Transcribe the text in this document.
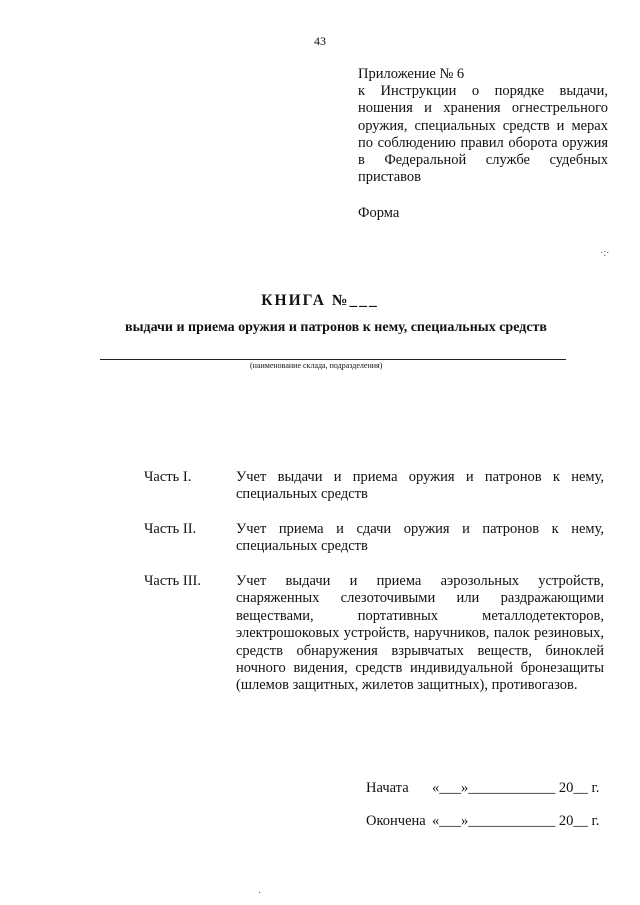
43
Приложение № 6
к Инструкции о порядке выдачи, ношения и хранения огнестрельного оружия, специальных средств и мерах по соблюдению правил оборота оружия в Федеральной службе судебных приставов
Форма
·:·
КНИГА №___
выдачи и приема оружия и патронов к нему, специальных средств
(наименование склада, подразделения)
Часть I.	Учет выдачи и приема оружия и патронов к нему, специальных средств
Часть II.	Учет приема и сдачи оружия и патронов к нему, специальных средств
Часть III.	Учет выдачи и приема аэрозольных устройств, снаряженных слезоточивыми или раздражающими веществами, портативных металлодетекторов, электрошоковых устройств, наручников, палок резиновых, средств обнаружения взрывчатых веществ, биноклей ночного видения, средств индивидуальной бронезащиты (шлемов защитных, жилетов защитных), противогазов.
Начата	«___»____________ 20__ г.
Окончена «___»____________ 20__ г.
·
